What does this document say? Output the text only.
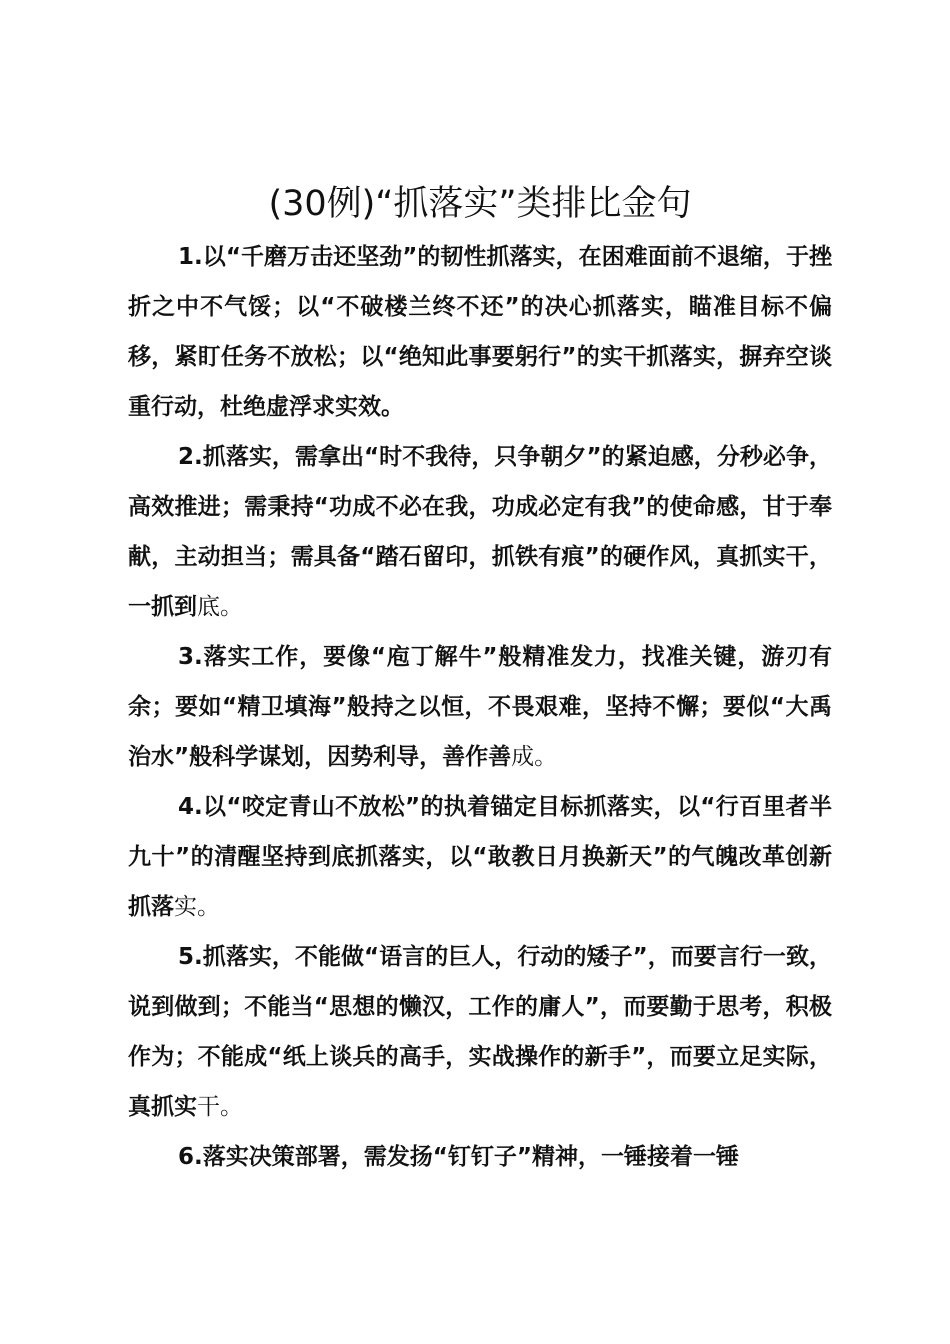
(30例)“抓落实”类排比金句

1.以“千磨万击还坚劲”的韧性抓落实，在困难面前不退缩，于挫折之中不气馁；以“不破楼兰终不还”的决心抓落实，瞄准目标不偏移，紧盯任务不放松；以“绝知此事要躬行”的实干抓落实，摒弃空谈重行动，杜绝虚浮求实效。

2.抓落实，需拿出“时不我待，只争朝夕”的紧迫感，分秒必争，高效推进；需秉持“功成不必在我，功成必定有我”的使命感，甘于奉献，主动担当；需具备“踏石留印，抓铁有痕”的硬作风，真抓实干，一抓到底。

3.落实工作，要像“庖丁解牛”般精准发力，找准关键，游刃有余；要如“精卫填海”般持之以恒，不畏艰难，坚持不懈；要似“大禹治水”般科学谋划，因势利导，善作善成。

4.以“咬定青山不放松”的执着锚定目标抓落实，以“行百里者半九十”的清醒坚持到底抓落实，以“敢教日月换新天”的气魄改革创新抓落实。

5.抓落实，不能做“语言的巨人，行动的矮子”，而要言行一致，说到做到；不能当“思想的懒汉，工作的庸人”，而要勤于思考，积极作为；不能成“纸上谈兵的高手，实战操作的新手”，而要立足实际，真抓实干。

6.落实决策部署，需发扬“钉钉子”精神，一锤接着一锤
